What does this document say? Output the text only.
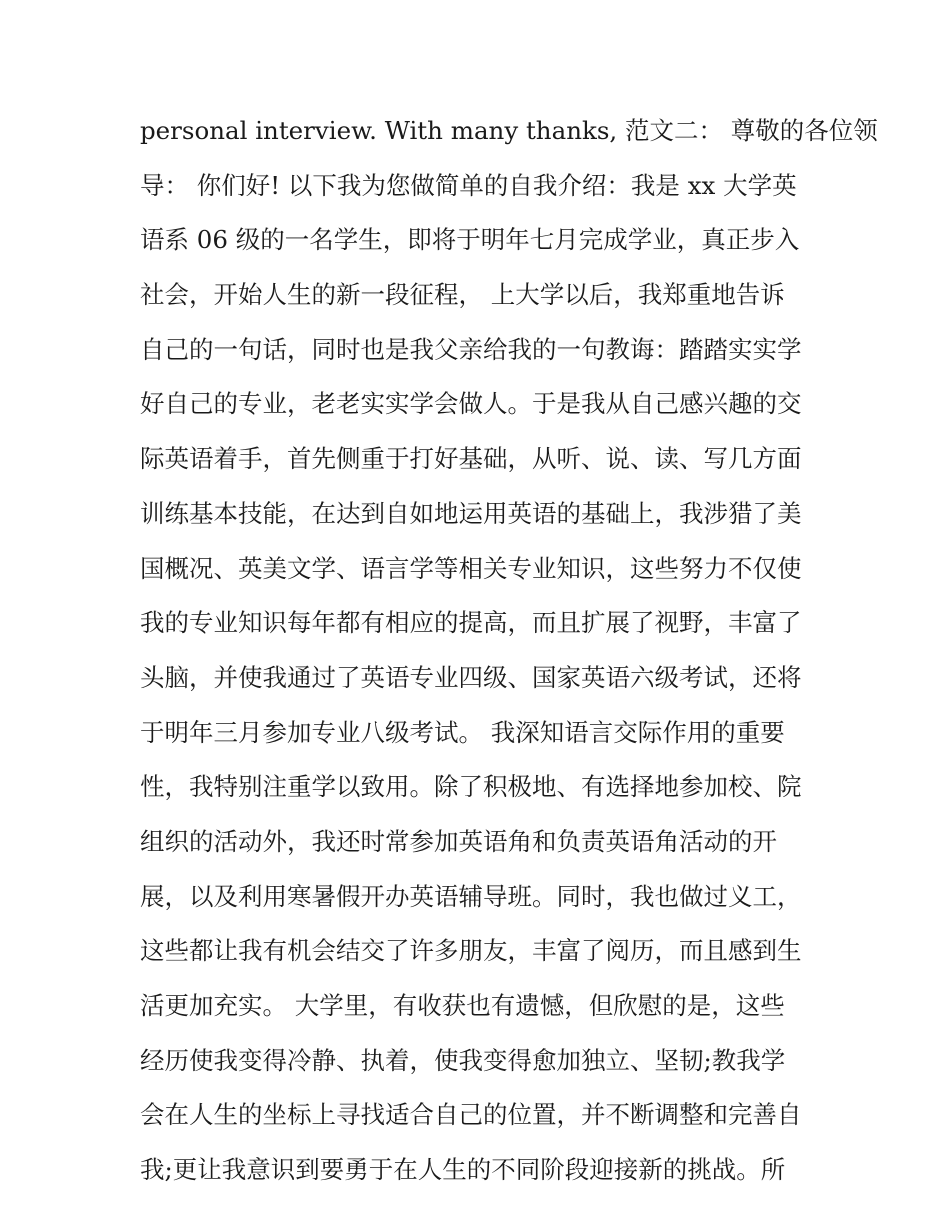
personal interview. With many thanks, 范文二： 尊敬的各位领
导： 你们好! 以下我为您做简单的自我介绍：我是 xx 大学英
语系 06 级的一名学生，即将于明年七月完成学业，真正步入
社会，开始人生的新一段征程， 上大学以后，我郑重地告诉
自己的一句话，同时也是我父亲给我的一句教诲：踏踏实实学
好自己的专业，老老实实学会做人。于是我从自己感兴趣的交
际英语着手，首先侧重于打好基础，从听、说、读、写几方面
训练基本技能，在达到自如地运用英语的基础上，我涉猎了美
国概况、英美文学、语言学等相关专业知识，这些努力不仅使
我的专业知识每年都有相应的提高，而且扩展了视野，丰富了
头脑，并使我通过了英语专业四级、国家英语六级考试，还将
于明年三月参加专业八级考试。 我深知语言交际作用的重要
性，我特别注重学以致用。除了积极地、有选择地参加校、院
组织的活动外，我还时常参加英语角和负责英语角活动的开
展，以及利用寒暑假开办英语辅导班。同时，我也做过义工，
这些都让我有机会结交了许多朋友，丰富了阅历，而且感到生
活更加充实。 大学里，有收获也有遗憾，但欣慰的是，这些
经历使我变得冷静、执着，使我变得愈加独立、坚韧;教我学
会在人生的坐标上寻找适合自己的位置，并不断调整和完善自
我;更让我意识到要勇于在人生的不同阶段迎接新的挑战。所
